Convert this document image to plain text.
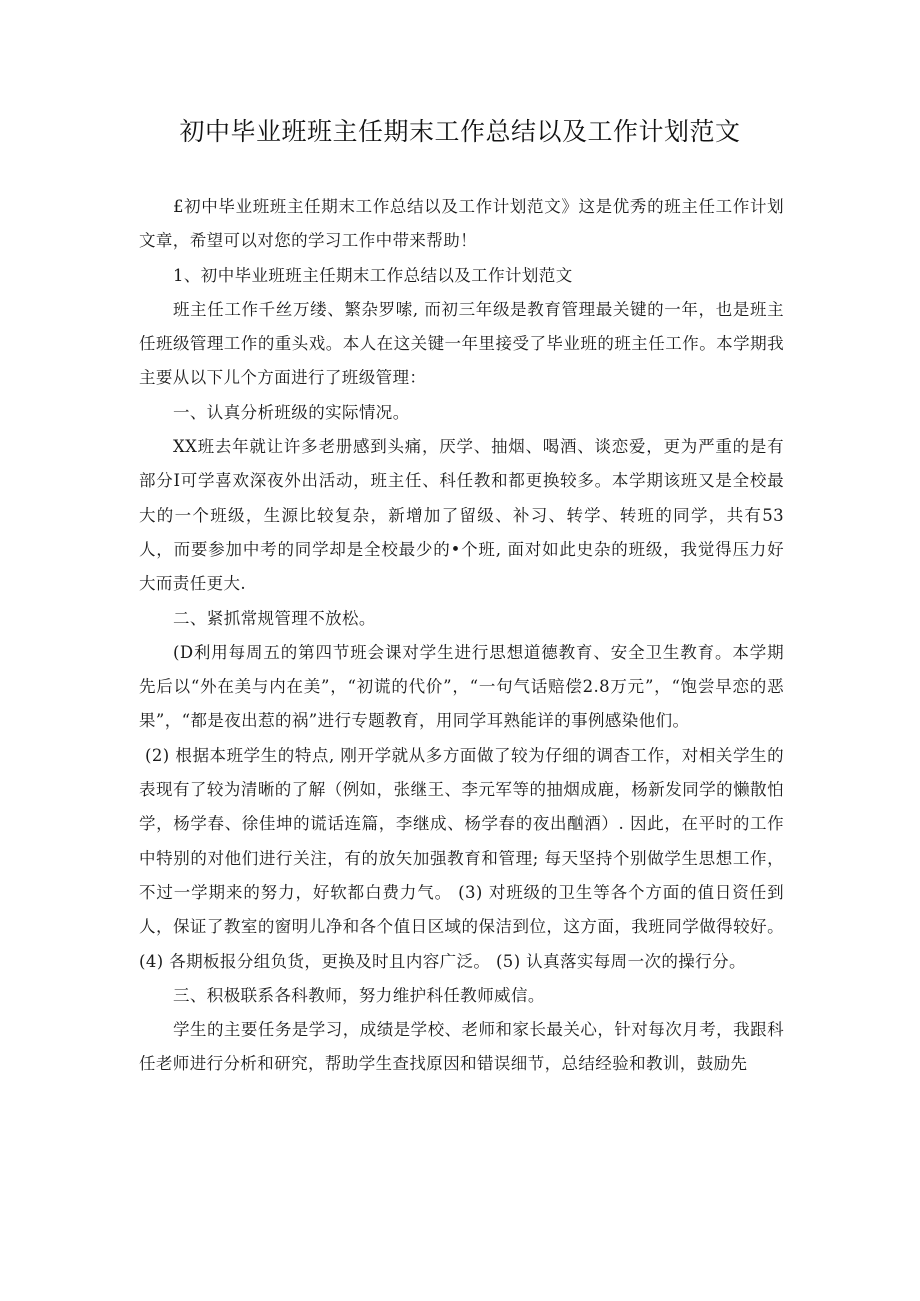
初中毕业班班主任期末工作总结以及工作计划范文

£初中毕业班班主任期末工作总结以及工作计划范文》这是优秀的班主任工作计划文章，希望可以对您的学习工作中带来帮助！

1、初中毕业班班主任期末工作总结以及工作计划范文

班主任工作千丝万缕、繁杂罗嗦, 而初三年级是教育管理最关键的一年，也是班主任班级管理工作的重头戏。本人在这关键一年里接受了毕业班的班主任工作。本学期我主要从以下儿个方面进行了班级管理：

一、认真分析班级的实际情况。

XX班去年就让许多老册感到头痛，厌学、抽烟、喝酒、谈恋爱，更为严重的是有部分I可学喜欢深夜外出活动，班主任、科任教和都更换较多。本学期该班又是全校最大的一个班级，生源比较复杂，新增加了留级、补习、转学、转班的同学，共有53人，而要参加中考的同学却是全校最少的•个班, 面对如此史杂的班级，我觉得压力好大而责任更大.

二、紧抓常规管理不放松。

(D利用每周五的第四节班会课对学生进行思想道德教育、安全卫生教育。本学期先后以“外在美与内在美”，“初谎的代价”，“一句气话赔偿2.8万元”，“饱尝早恋的恶果”，“都是夜出惹的祸”进行专题教育，用同学耳熟能详的事例感染他们。

(2) 根据本班学生的特点, 刚开学就从多方面做了较为仔细的调杳工作，对相关学生的表现有了较为清晰的了解（例如，张继王、李元军等的抽烟成鹿，杨新发同学的懒散怕学，杨学春、徐佳坤的谎话连篇，李继成、杨学春的夜出酗酒）. 因此，在平时的工作中特别的对他们进行关注，有的放矢加强教育和管理; 每天坚持个别做学生思想工作，不过一学期来的努力，好软都白费力气。 (3) 对班级的卫生等各个方面的值日资任到人，保证了教室的窗明儿净和各个值日区域的保洁到位，这方面，我班同学做得较好。 (4) 各期板报分组负货，更换及时且内容广泛。 (5) 认真落实每周一次的操行分。

三、积极联系各科教师，努力维护科任教师威信。

学生的主要任务是学习，成绩是学校、老师和家长最关心，针对每次月考，我跟科任老师进行分析和研究，帮助学生查找原因和错误细节，总结经验和教训，鼓励先
